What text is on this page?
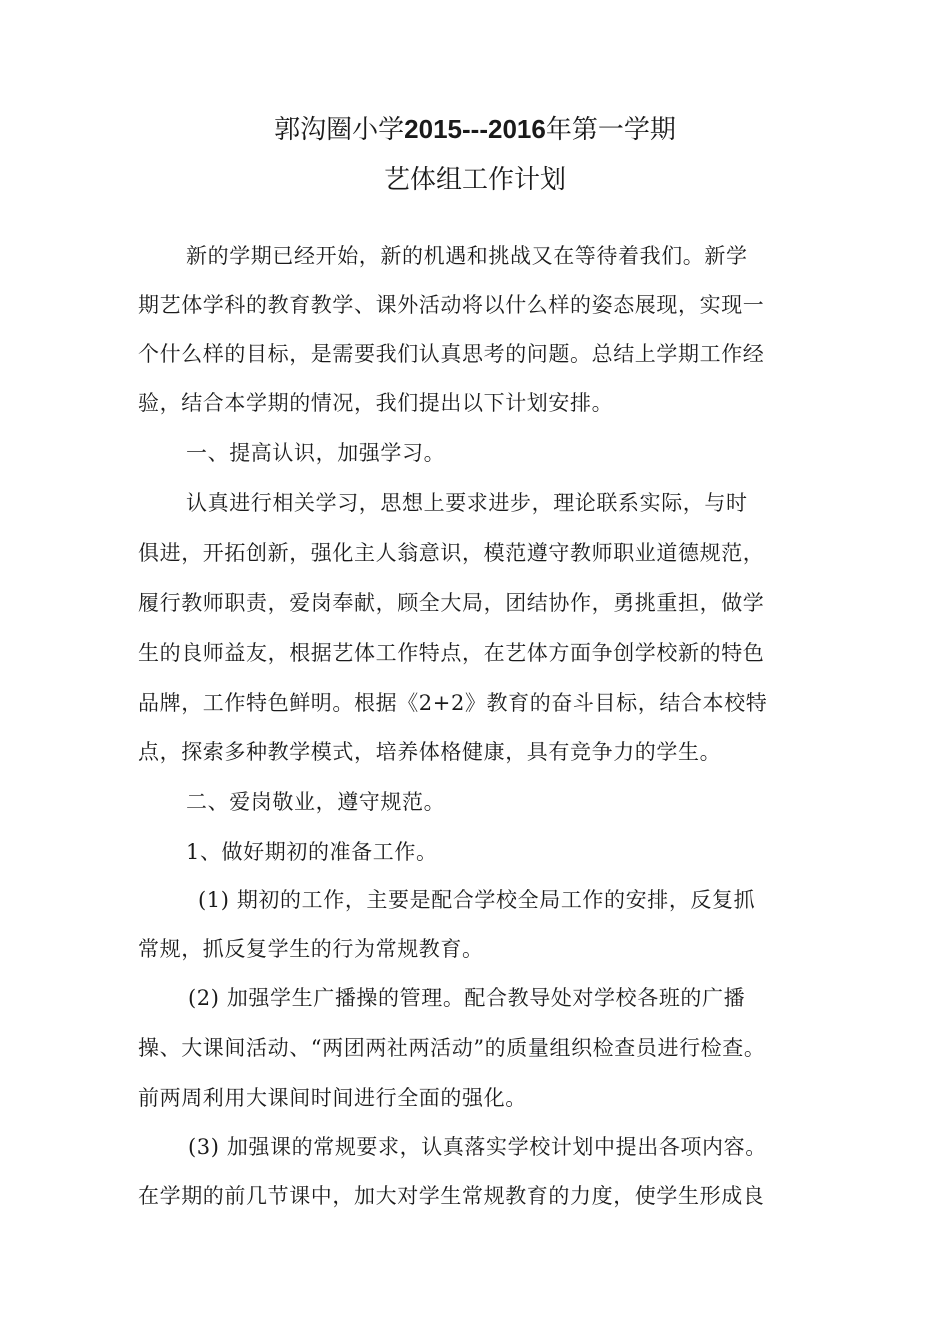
郭沟圈小学2015---2016年第一学期
艺体组工作计划
新的学期已经开始，新的机遇和挑战又在等待着我们。新学
期艺体学科的教育教学、课外活动将以什么样的姿态展现，实现一
个什么样的目标，是需要我们认真思考的问题。总结上学期工作经
验，结合本学期的情况，我们提出以下计划安排。
一、提高认识，加强学习。
认真进行相关学习，思想上要求进步，理论联系实际，与时
俱进，开拓创新，强化主人翁意识，模范遵守教师职业道德规范，
履行教师职责，爱岗奉献，顾全大局，团结协作，勇挑重担，做学
生的良师益友，根据艺体工作特点，在艺体方面争创学校新的特色
品牌，工作特色鲜明。根据《2+2》教育的奋斗目标，结合本校特
点，探索多种教学模式，培养体格健康，具有竞争力的学生。
二、爱岗敬业，遵守规范。
1、做好期初的准备工作。
(1) 期初的工作，主要是配合学校全局工作的安排，反复抓
常规，抓反复学生的行为常规教育。
(2) 加强学生广播操的管理。配合教导处对学校各班的广播
操、大课间活动、“两团两社两活动”的质量组织检查员进行检查。
前两周利用大课间时间进行全面的强化。
(3) 加强课的常规要求，认真落实学校计划中提出各项内容。
在学期的前几节课中，加大对学生常规教育的力度，使学生形成良
